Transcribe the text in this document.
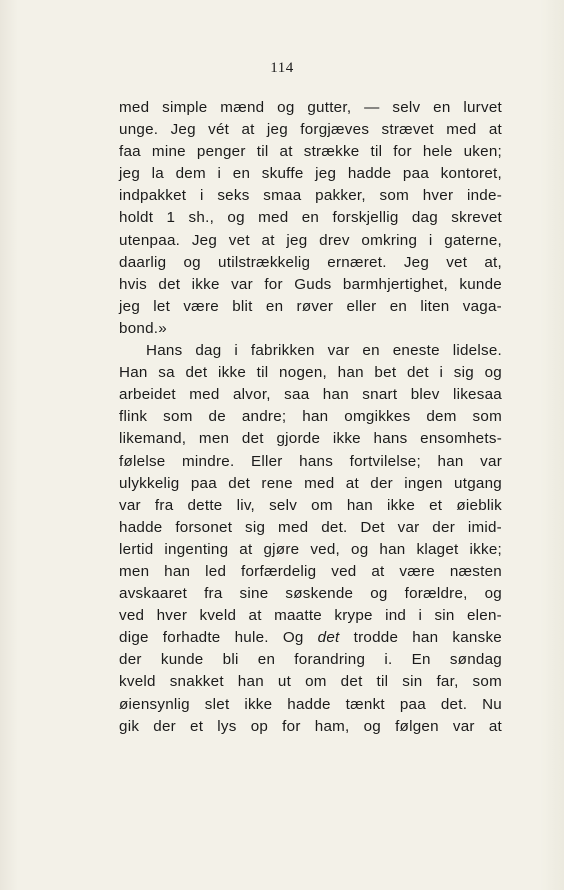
114
med simple mænd og gutter, — selv en lurvet
unge. Jeg vét at jeg forgjæves strævet med at
faa mine penger til at strække til for hele uken;
jeg la dem i en skuffe jeg hadde paa kontoret,
indpakket i seks smaa pakker, som hver inde-
holdt 1 sh., og med en forskjellig dag skrevet
utenpaa. Jeg vet at jeg drev omkring i gaterne,
daarlig og utilstrækkelig ernæret. Jeg vet at,
hvis det ikke var for Guds barmhjertighet, kunde
jeg let være blit en røver eller en liten vaga-
bond.»
Hans dag i fabrikken var en eneste lidelse.
Han sa det ikke til nogen, han bet det i sig og
arbeidet med alvor, saa han snart blev likesaa
flink som de andre; han omgikkes dem som
likemand, men det gjorde ikke hans ensomhets-
følelse mindre. Eller hans fortvilelse; han var
ulykkelig paa det rene med at der ingen utgang
var fra dette liv, selv om han ikke et øieblik
hadde forsonet sig med det. Det var der imid-
lertid ingenting at gjøre ved, og han klaget ikke;
men han led forfærdelig ved at være næsten
avskaaret fra sine søskende og forældre, og
ved hver kveld at maatte krype ind i sin elen-
dige forhadte hule. Og det trodde han kanske
der kunde bli en forandring i. En søndag
kveld snakket han ut om det til sin far, som
øiensynlig slet ikke hadde tænkt paa det. Nu
gik der et lys op for ham, og følgen var at
